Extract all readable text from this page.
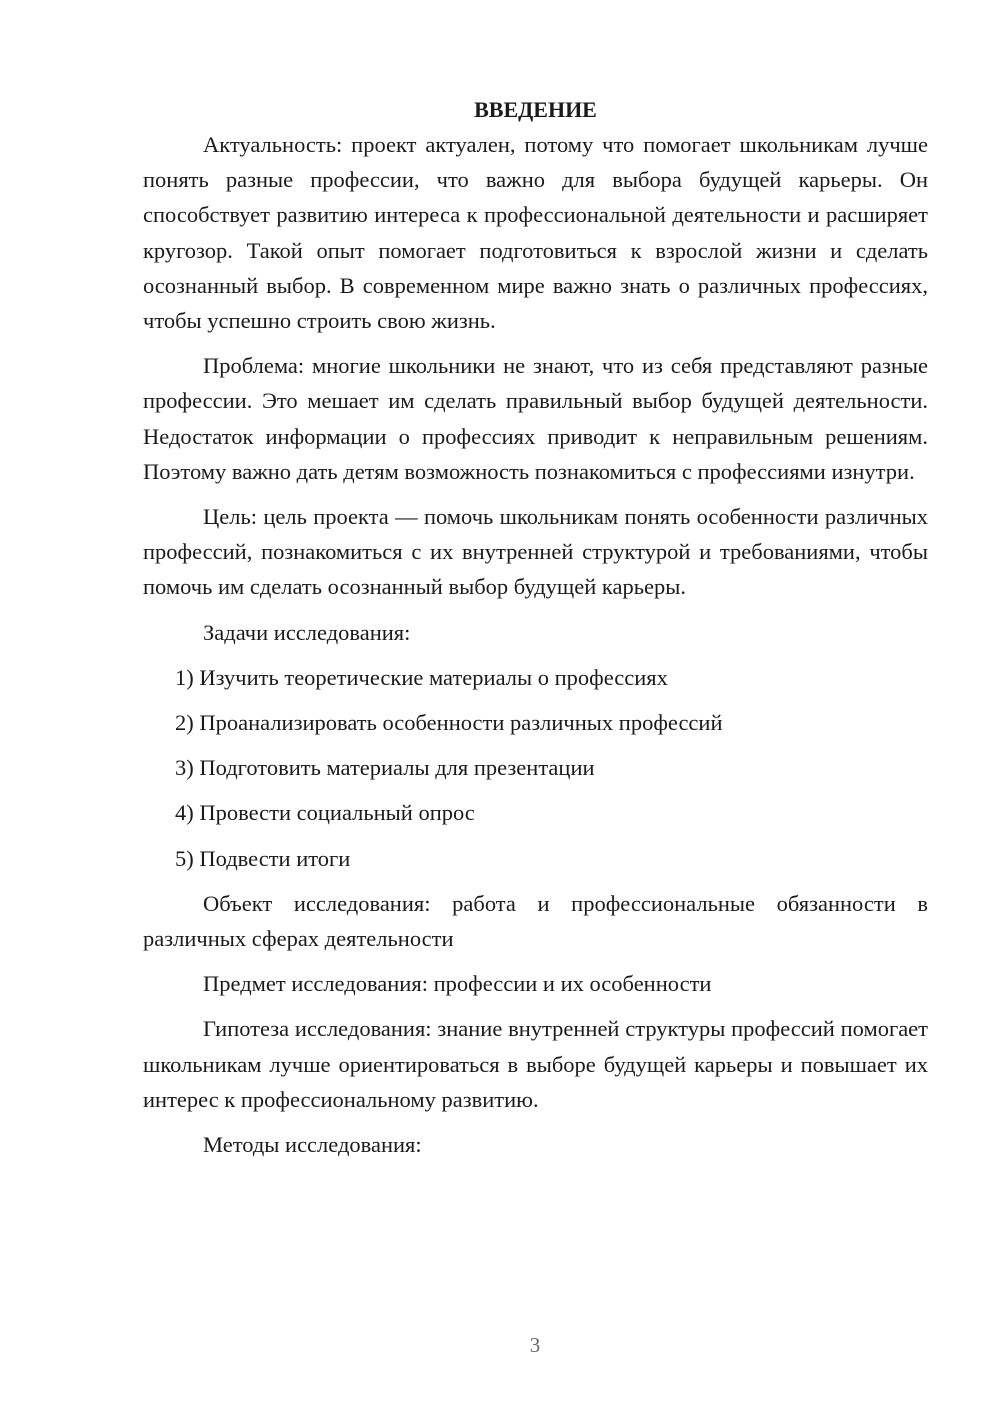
ВВЕДЕНИЕ

Актуальность: проект актуален, потому что помогает школьникам лучше понять разные профессии, что важно для выбора будущей карьеры. Он способствует развитию интереса к профессиональной деятельности и расширяет кругозор. Такой опыт помогает подготовиться к взрослой жизни и сделать осознанный выбор. В современном мире важно знать о различных профессиях, чтобы успешно строить свою жизнь.

Проблема: многие школьники не знают, что из себя представляют разные профессии. Это мешает им сделать правильный выбор будущей деятельности. Недостаток информации о профессиях приводит к неправильным решениям. Поэтому важно дать детям возможность познакомиться с профессиями изнутри.

Цель: цель проекта — помочь школьникам понять особенности различных профессий, познакомиться с их внутренней структурой и требованиями, чтобы помочь им сделать осознанный выбор будущей карьеры.

Задачи исследования:

1) Изучить теоретические материалы о профессиях

2) Проанализировать особенности различных профессий

3) Подготовить материалы для презентации

4) Провести социальный опрос

5) Подвести итоги

Объект исследования: работа и профессиональные обязанности в различных сферах деятельности

Предмет исследования: профессии и их особенности

Гипотеза исследования: знание внутренней структуры профессий помогает школьникам лучше ориентироваться в выборе будущей карьеры и повышает их интерес к профессиональному развитию.

Методы исследования:

3
